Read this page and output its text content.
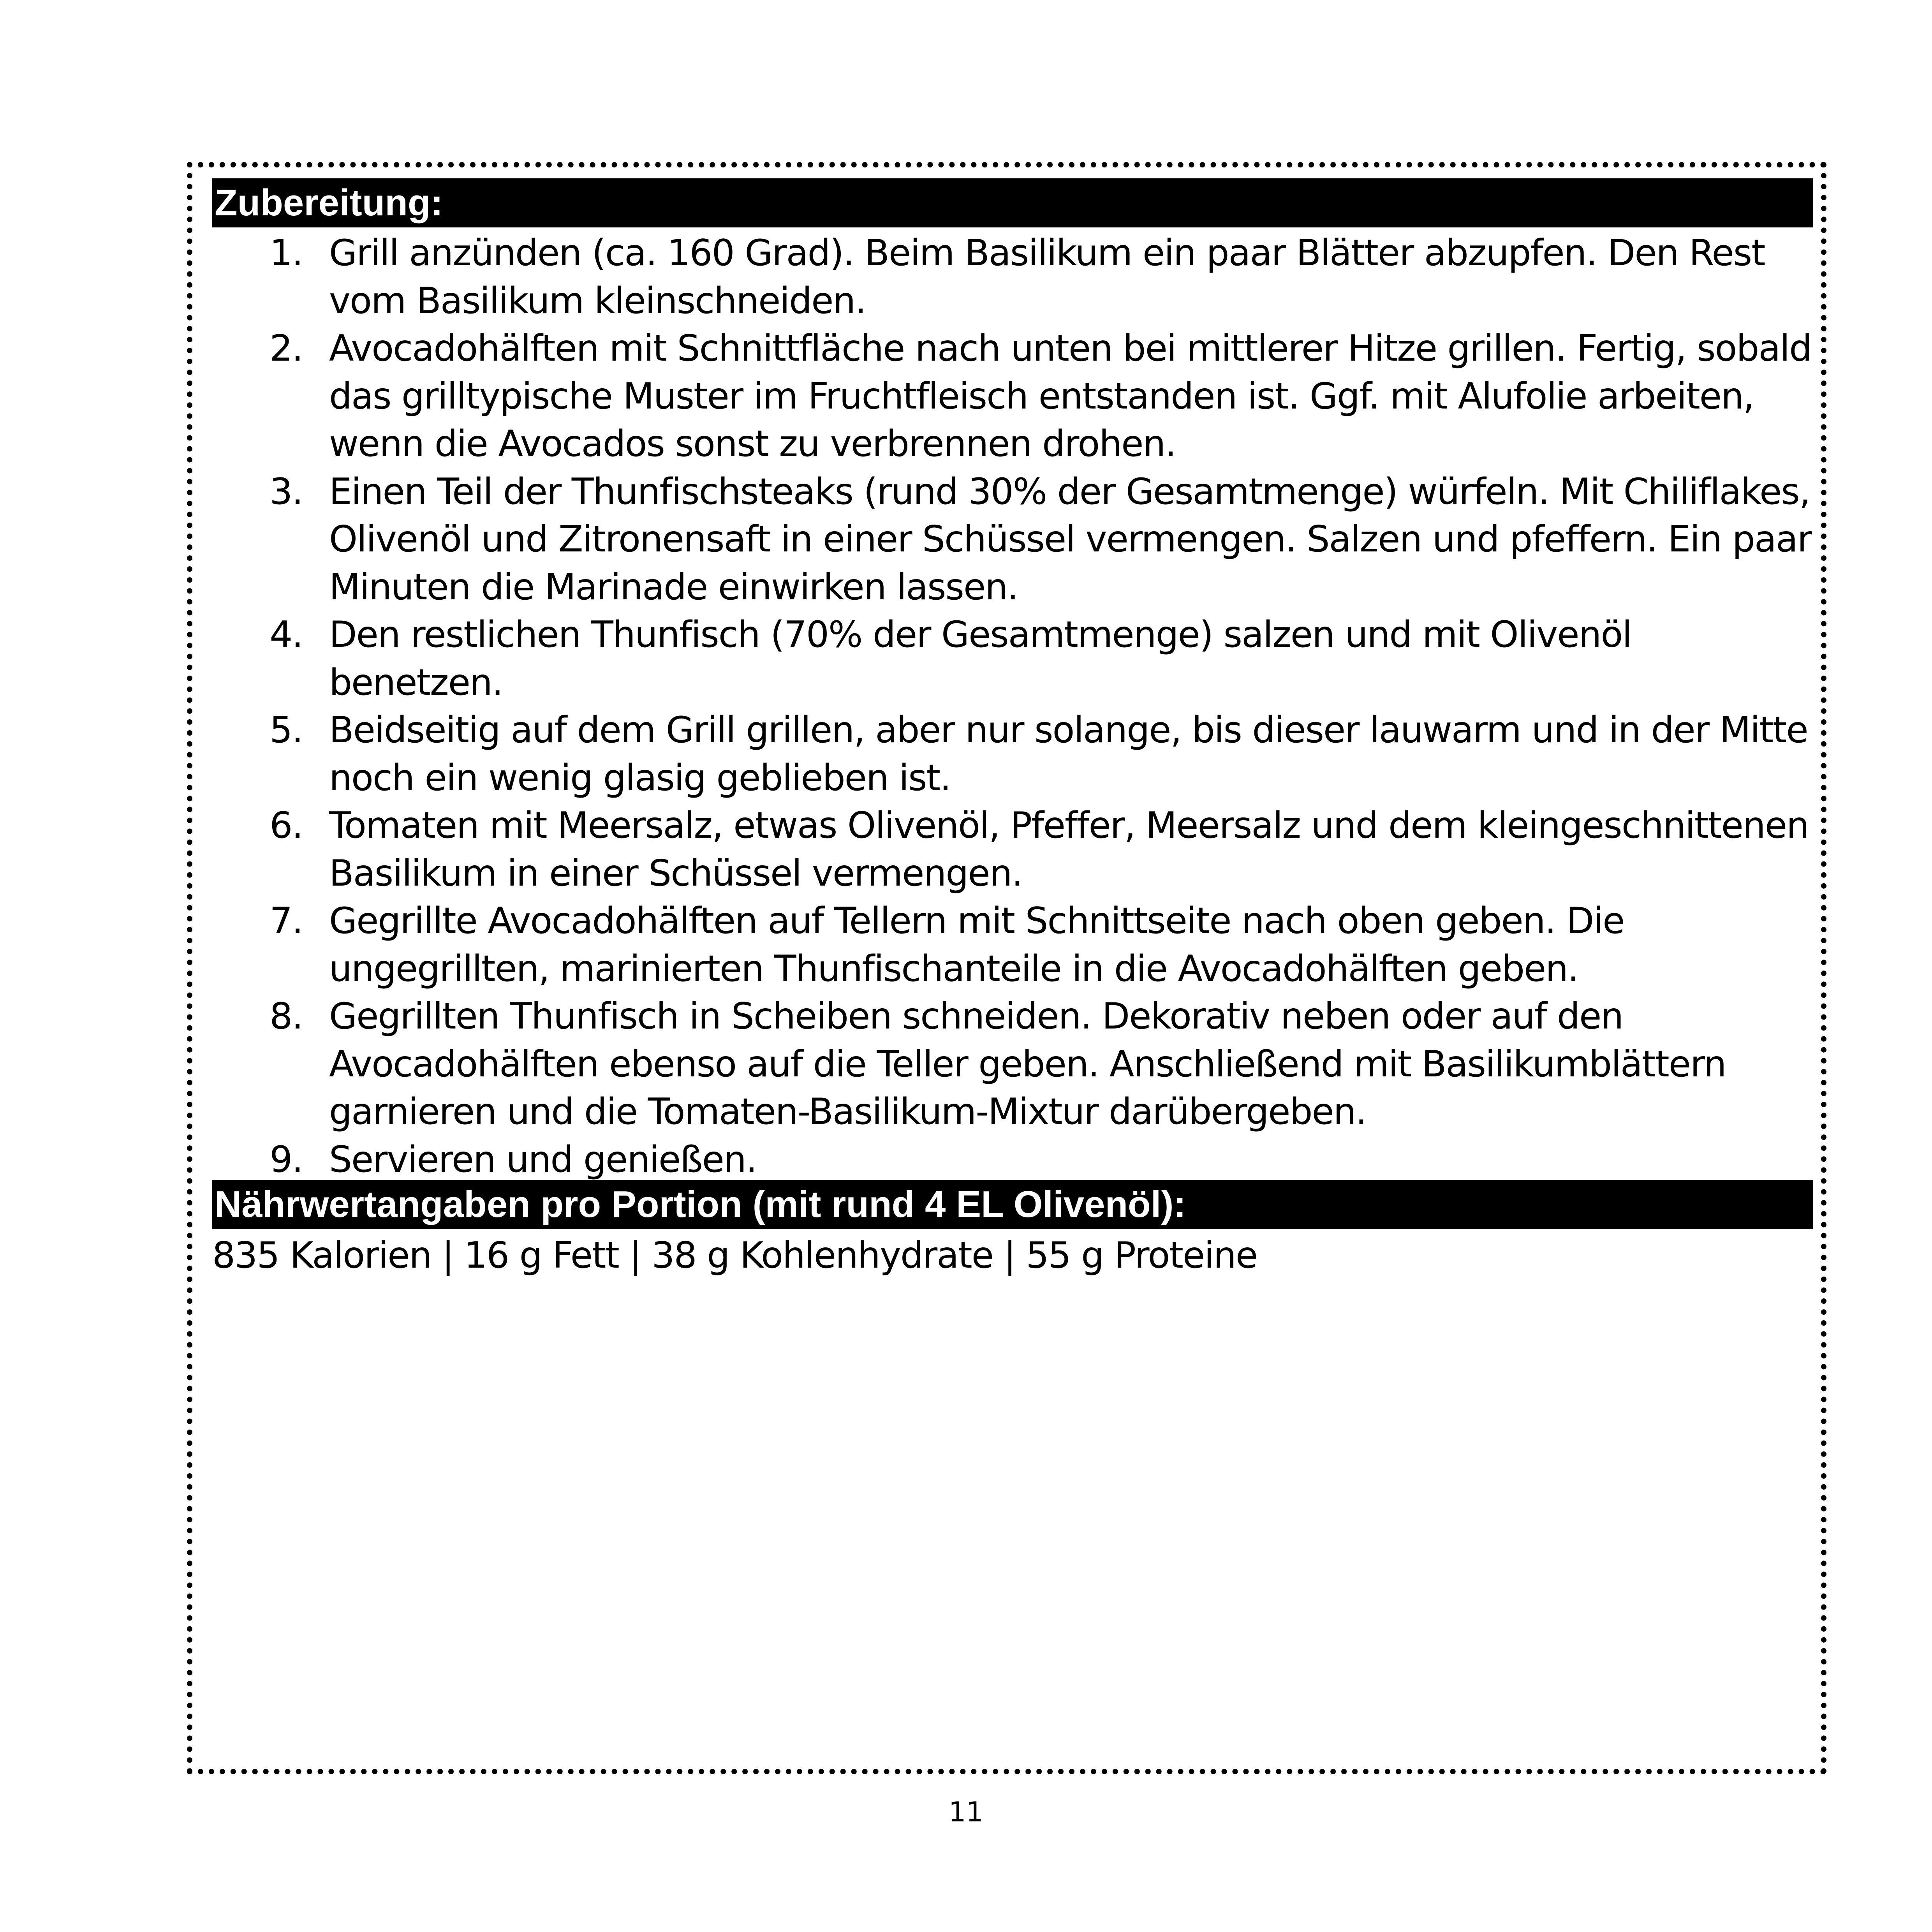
Zubereitung:
1. Grill anzünden (ca. 160 Grad). Beim Basilikum ein paar Blätter abzupfen. Den Rest vom Basilikum kleinschneiden.
2. Avocadohälften mit Schnittfläche nach unten bei mittlerer Hitze grillen. Fertig, sobald das grilltypische Muster im Fruchtfleisch entstanden ist. Ggf. mit Alufolie arbeiten, wenn die Avocados sonst zu verbrennen drohen.
3. Einen Teil der Thunfischsteaks (rund 30% der Gesamtmenge) würfeln. Mit Chiliflakes, Olivenöl und Zitronensaft in einer Schüssel vermengen. Salzen und pfeffern. Ein paar Minuten die Marinade einwirken lassen.
4. Den restlichen Thunfisch (70% der Gesamtmenge) salzen und mit Olivenöl benetzen.
5. Beidseitig auf dem Grill grillen, aber nur solange, bis dieser lauwarm und in der Mitte noch ein wenig glasig geblieben ist.
6. Tomaten mit Meersalz, etwas Olivenöl, Pfeffer, Meersalz und dem kleingeschnittenen Basilikum in einer Schüssel vermengen.
7. Gegrillte Avocadohälften auf Tellern mit Schnittseite nach oben geben. Die ungegrillten, marinierten Thunfischanteile in die Avocadohälften geben.
8. Gegrillten Thunfisch in Scheiben schneiden. Dekorativ neben oder auf den Avocadohälften ebenso auf die Teller geben. Anschließend mit Basilikumblättern garnieren und die Tomaten-Basilikum-Mixtur darübergeben.
9. Servieren und genießen.
Nährwertangaben pro Portion (mit rund 4 EL Olivenöl):
835 Kalorien | 16 g Fett | 38 g Kohlenhydrate | 55 g Proteine
11
